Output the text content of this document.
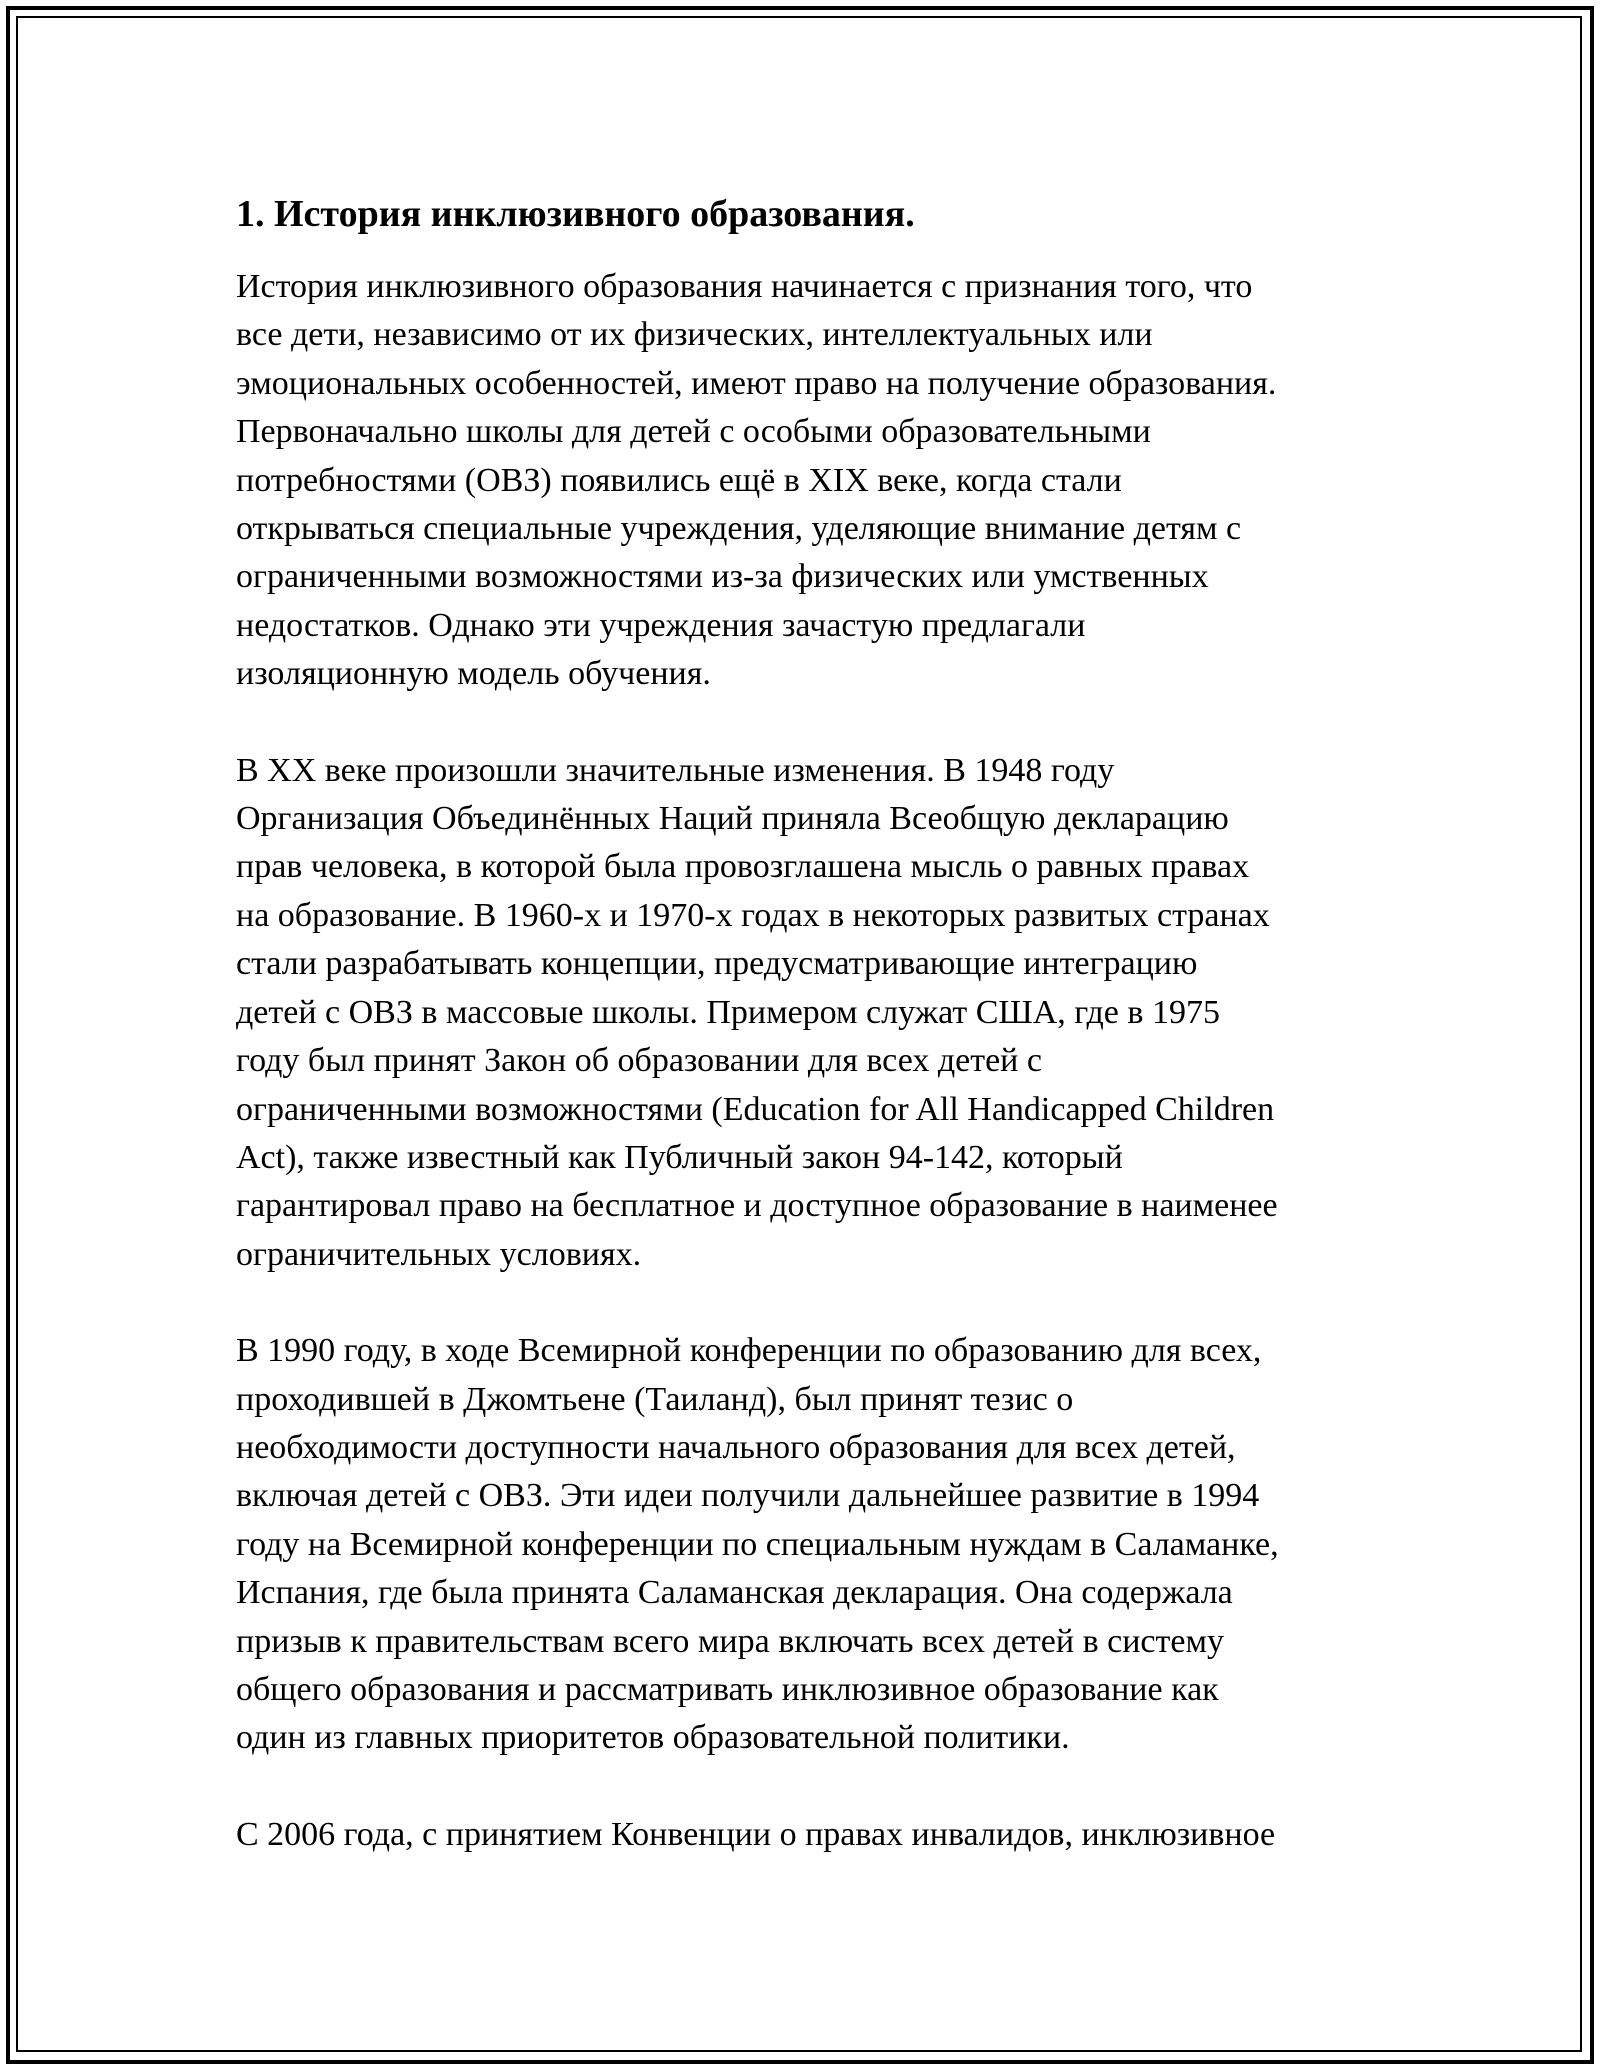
1. История инклюзивного образования.
История инклюзивного образования начинается с признания того, что
все дети, независимо от их физических, интеллектуальных или
эмоциональных особенностей, имеют право на получение образования.
Первоначально школы для детей с особыми образовательными
потребностями (ОВЗ) появились ещё в XIX веке, когда стали
открываться специальные учреждения, уделяющие внимание детям с
ограниченными возможностями из-за физических или умственных
недостатков. Однако эти учреждения зачастую предлагали
изоляционную модель обучения.
В XX веке произошли значительные изменения. В 1948 году
Организация Объединённых Наций приняла Всеобщую декларацию
прав человека, в которой была провозглашена мысль о равных правах
на образование. В 1960-х и 1970-х годах в некоторых развитых странах
стали разрабатывать концепции, предусматривающие интеграцию
детей с ОВЗ в массовые школы. Примером служат США, где в 1975
году был принят Закон об образовании для всех детей с
ограниченными возможностями (Education for All Handicapped Children
Act), также известный как Публичный закон 94-142, который
гарантировал право на бесплатное и доступное образование в наименее
ограничительных условиях.
В 1990 году, в ходе Всемирной конференции по образованию для всех,
проходившей в Джомтьене (Таиланд), был принят тезис о
необходимости доступности начального образования для всех детей,
включая детей с ОВЗ. Эти идеи получили дальнейшее развитие в 1994
году на Всемирной конференции по специальным нуждам в Саламанке,
Испания, где была принята Саламанская декларация. Она содержала
призыв к правительствам всего мира включать всех детей в систему
общего образования и рассматривать инклюзивное образование как
один из главных приоритетов образовательной политики.
С 2006 года, с принятием Конвенции о правах инвалидов, инклюзивное
